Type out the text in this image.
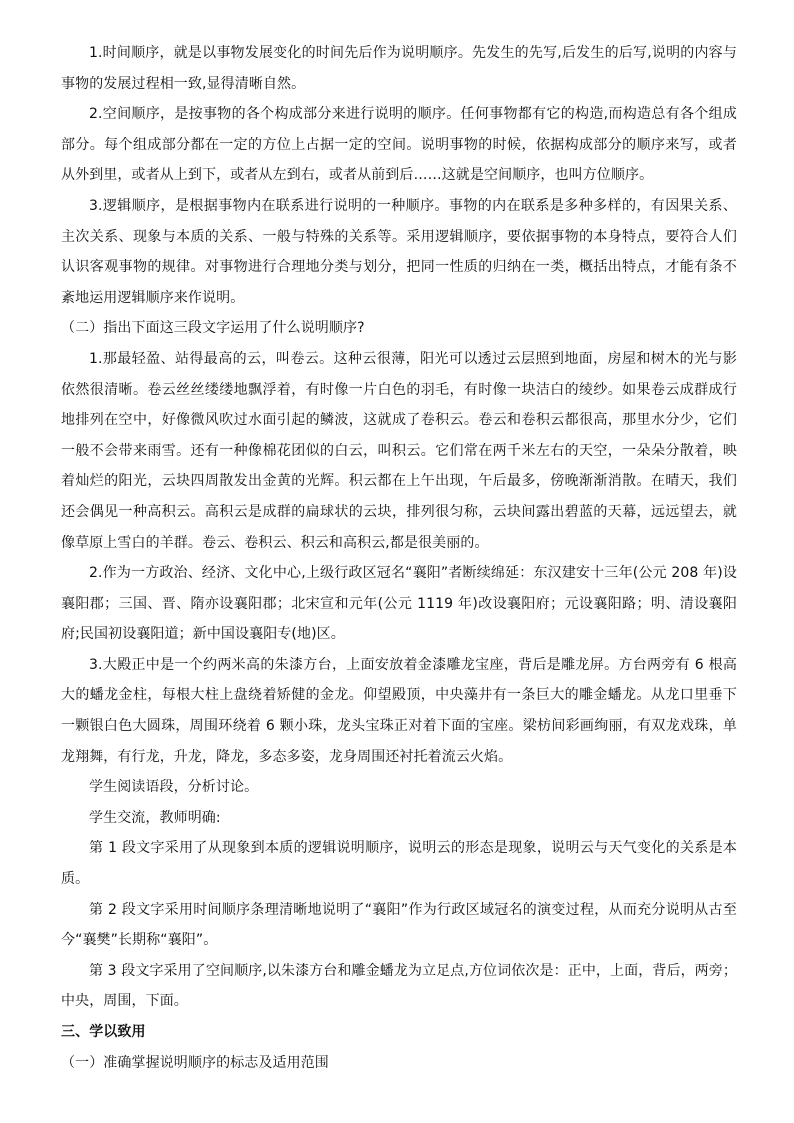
1.时间顺序，就是以事物发展变化的时间先后作为说明顺序。先发生的先写,后发生的后写,说明的内容与事物的发展过程相一致,显得清晰自然。

2.空间顺序，是按事物的各个构成部分来进行说明的顺序。任何事物都有它的构造,而构造总有各个组成部分。每个组成部分都在一定的方位上占据一定的空间。说明事物的时候，依据构成部分的顺序来写，或者从外到里，或者从上到下，或者从左到右，或者从前到后……这就是空间顺序，也叫方位顺序。

3.逻辑顺序，是根据事物内在联系进行说明的一种顺序。事物的内在联系是多种多样的，有因果关系、主次关系、现象与本质的关系、一般与特殊的关系等。采用逻辑顺序，要依据事物的本身特点，要符合人们认识客观事物的规律。对事物进行合理地分类与划分，把同一性质的归纳在一类，概括出特点，才能有条不紊地运用逻辑顺序来作说明。

（二）指出下面这三段文字运用了什么说明顺序?

1.那最轻盈、站得最高的云，叫卷云。这种云很薄，阳光可以透过云层照到地面，房屋和树木的光与影依然很清晰。卷云丝丝缕缕地飘浮着，有时像一片白色的羽毛，有时像一块洁白的绫纱。如果卷云成群成行地排列在空中，好像微风吹过水面引起的鳞波，这就成了卷积云。卷云和卷积云都很高，那里水分少，它们一般不会带来雨雪。还有一种像棉花团似的白云，叫积云。它们常在两千米左右的天空，一朵朵分散着，映着灿烂的阳光，云块四周散发出金黄的光辉。积云都在上午出现，午后最多，傍晚渐渐消散。在晴天，我们还会偶见一种高积云。高积云是成群的扁球状的云块，排列很匀称，云块间露出碧蓝的天幕，远远望去，就像草原上雪白的羊群。卷云、卷积云、积云和高积云,都是很美丽的。

2.作为一方政治、经济、文化中心,上级行政区冠名“襄阳”者断续绵延：东汉建安十三年(公元 208 年)设襄阳郡；三国、晋、隋亦设襄阳郡；北宋宣和元年(公元 1119 年)改设襄阳府；元设襄阳路；明、清设襄阳府;民国初设襄阳道；新中国设襄阳专(地)区。

3.大殿正中是一个约两米高的朱漆方台，上面安放着金漆雕龙宝座，背后是雕龙屏。方台两旁有 6 根高大的蟠龙金柱，每根大柱上盘绕着矫健的金龙。仰望殿顶，中央藻井有一条巨大的雕金蟠龙。从龙口里垂下一颗银白色大圆珠，周围环绕着 6 颗小珠，龙头宝珠正对着下面的宝座。梁枋间彩画绚丽，有双龙戏珠，单龙翔舞，有行龙，升龙，降龙，多态多姿，龙身周围还衬托着流云火焰。

学生阅读语段，分析讨论。

学生交流，教师明确:

第 1 段文字采用了从现象到本质的逻辑说明顺序，说明云的形态是现象，说明云与天气变化的关系是本质。

第 2 段文字采用时间顺序条理清晰地说明了“襄阳”作为行政区域冠名的演变过程，从而充分说明从古至今“襄樊”长期称“襄阳”。

第 3 段文字采用了空间顺序,以朱漆方台和雕金蟠龙为立足点,方位词依次是：正中，上面，背后，两旁；中央，周围，下面。

三、学以致用

（一）准确掌握说明顺序的标志及适用范围
